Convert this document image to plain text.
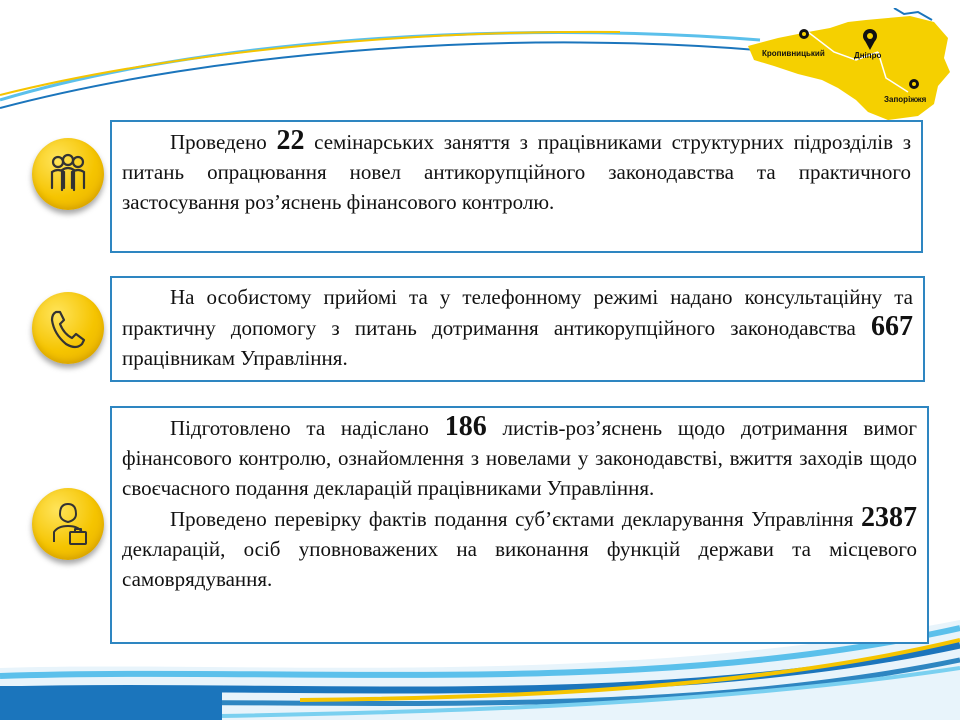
Кропивницький	Дніпро
Запоріжжя

Проведено 22 семінарських заняття з працівниками структурних підрозділів з питань опрацювання новел антикорупційного законодавства та практичного застосування роз’яснень фінансового контролю.

На особистому прийомі та у телефонному режимі надано консультаційну та практичну допомогу з питань дотримання антикорупційного законодавства 667 працівникам Управління.

Підготовлено та надіслано 186 листів-роз’яснень щодо дотримання вимог фінансового контролю, ознайомлення з новелами у законодавстві, вжиття заходів щодо своєчасного подання декларацій працівниками Управління.

Проведено перевірку фактів подання суб’єктами декларування Управління 2387 декларацій, осіб уповноважених на виконання функцій держави та місцевого самоврядування.
